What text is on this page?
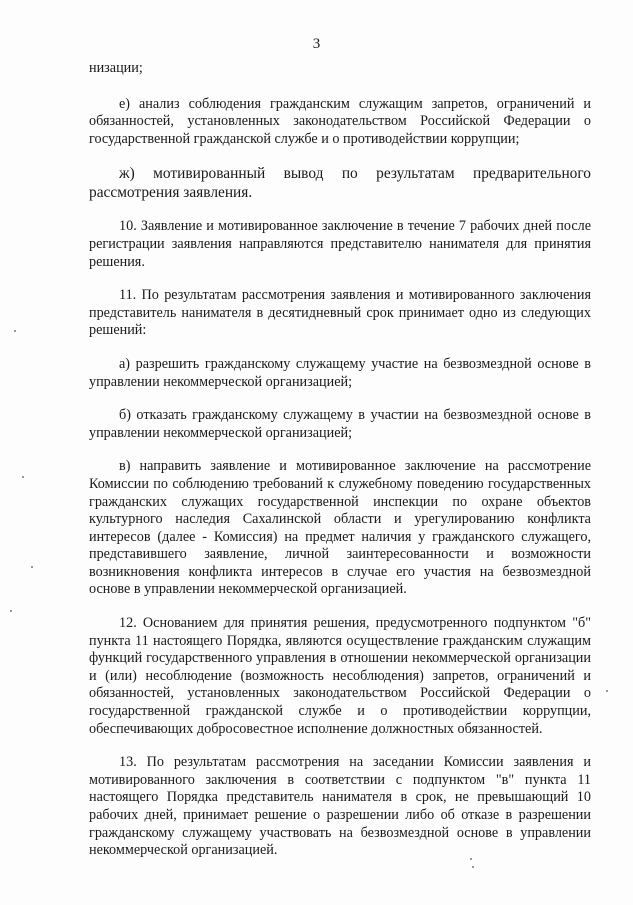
3

низации;

е) анализ соблюдения гражданским служащим запретов, ограничений и обязанностей, установленных законодательством Российской Федерации о государственной гражданской службе и о противодействии коррупции;

ж) мотивированный вывод по результатам предварительного рассмотрения заявления.

10. Заявление и мотивированное заключение в течение 7 рабочих дней после регистрации заявления направляются представителю нанимателя для принятия решения.

11. По результатам рассмотрения заявления и мотивированного заключения представитель нанимателя в десятидневный срок принимает одно из следующих решений:

а) разрешить гражданскому служащему участие на безвозмездной основе в управлении некоммерческой организацией;

б) отказать гражданскому служащему в участии на безвозмездной основе в управлении некоммерческой организацией;

в) направить заявление и мотивированное заключение на рассмотрение Комиссии по соблюдению требований к служебному поведению государственных гражданских служащих государственной инспекции по охране объектов культурного наследия Сахалинской области и урегулированию конфликта интересов (далее - Комиссия) на предмет наличия у гражданского служащего, представившего заявление, личной заинтересованности и возможности возникновения конфликта интересов в случае его участия на безвозмездной основе в управлении некоммерческой организацией.

12. Основанием для принятия решения, предусмотренного подпунктом "б" пункта 11 настоящего Порядка, являются осуществление гражданским служащим функций государственного управления в отношении некоммерческой организации и (или) несоблюдение (возможность несоблюдения) запретов, ограничений и обязанностей, установленных законодательством Российской Федерации о государственной гражданской службе и о противодействии коррупции, обеспечивающих добросовестное исполнение должностных обязанностей.

13. По результатам рассмотрения на заседании Комиссии заявления и мотивированного заключения в соответствии с подпунктом "в" пункта 11 настоящего Порядка представитель нанимателя в срок, не превышающий 10 рабочих дней, принимает решение о разрешении либо об отказе в разрешении гражданскому служащему участвовать на безвозмездной основе в управлении некоммерческой организацией.
